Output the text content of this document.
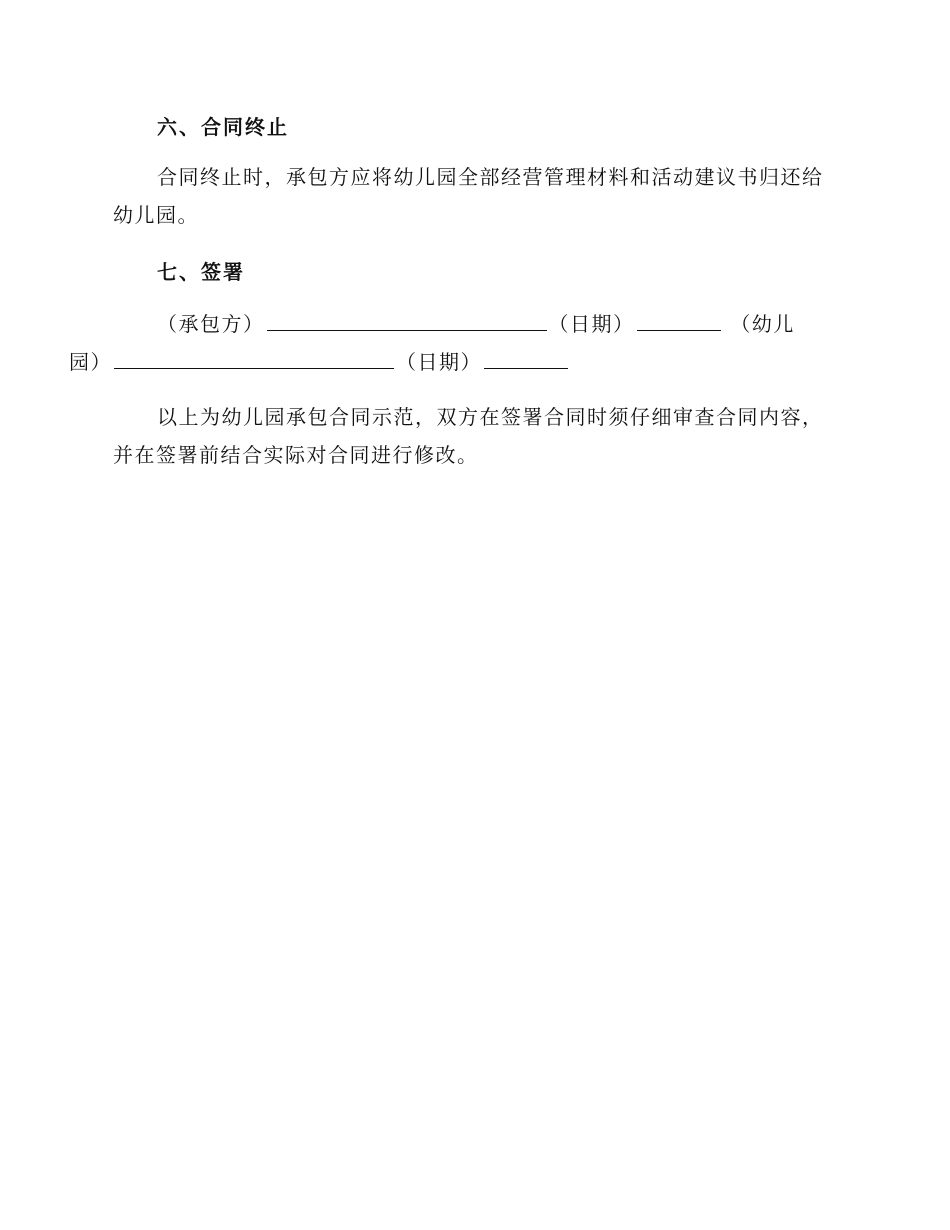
六、合同终止
合同终止时，承包方应将幼儿园全部经营管理材料和活动建议书归还给幼儿园。
七、签署
（承包方）	（日期）	（幼儿
园）	（日期）
以上为幼儿园承包合同示范，双方在签署合同时须仔细审查合同内容，并在签署前结合实际对合同进行修改。
